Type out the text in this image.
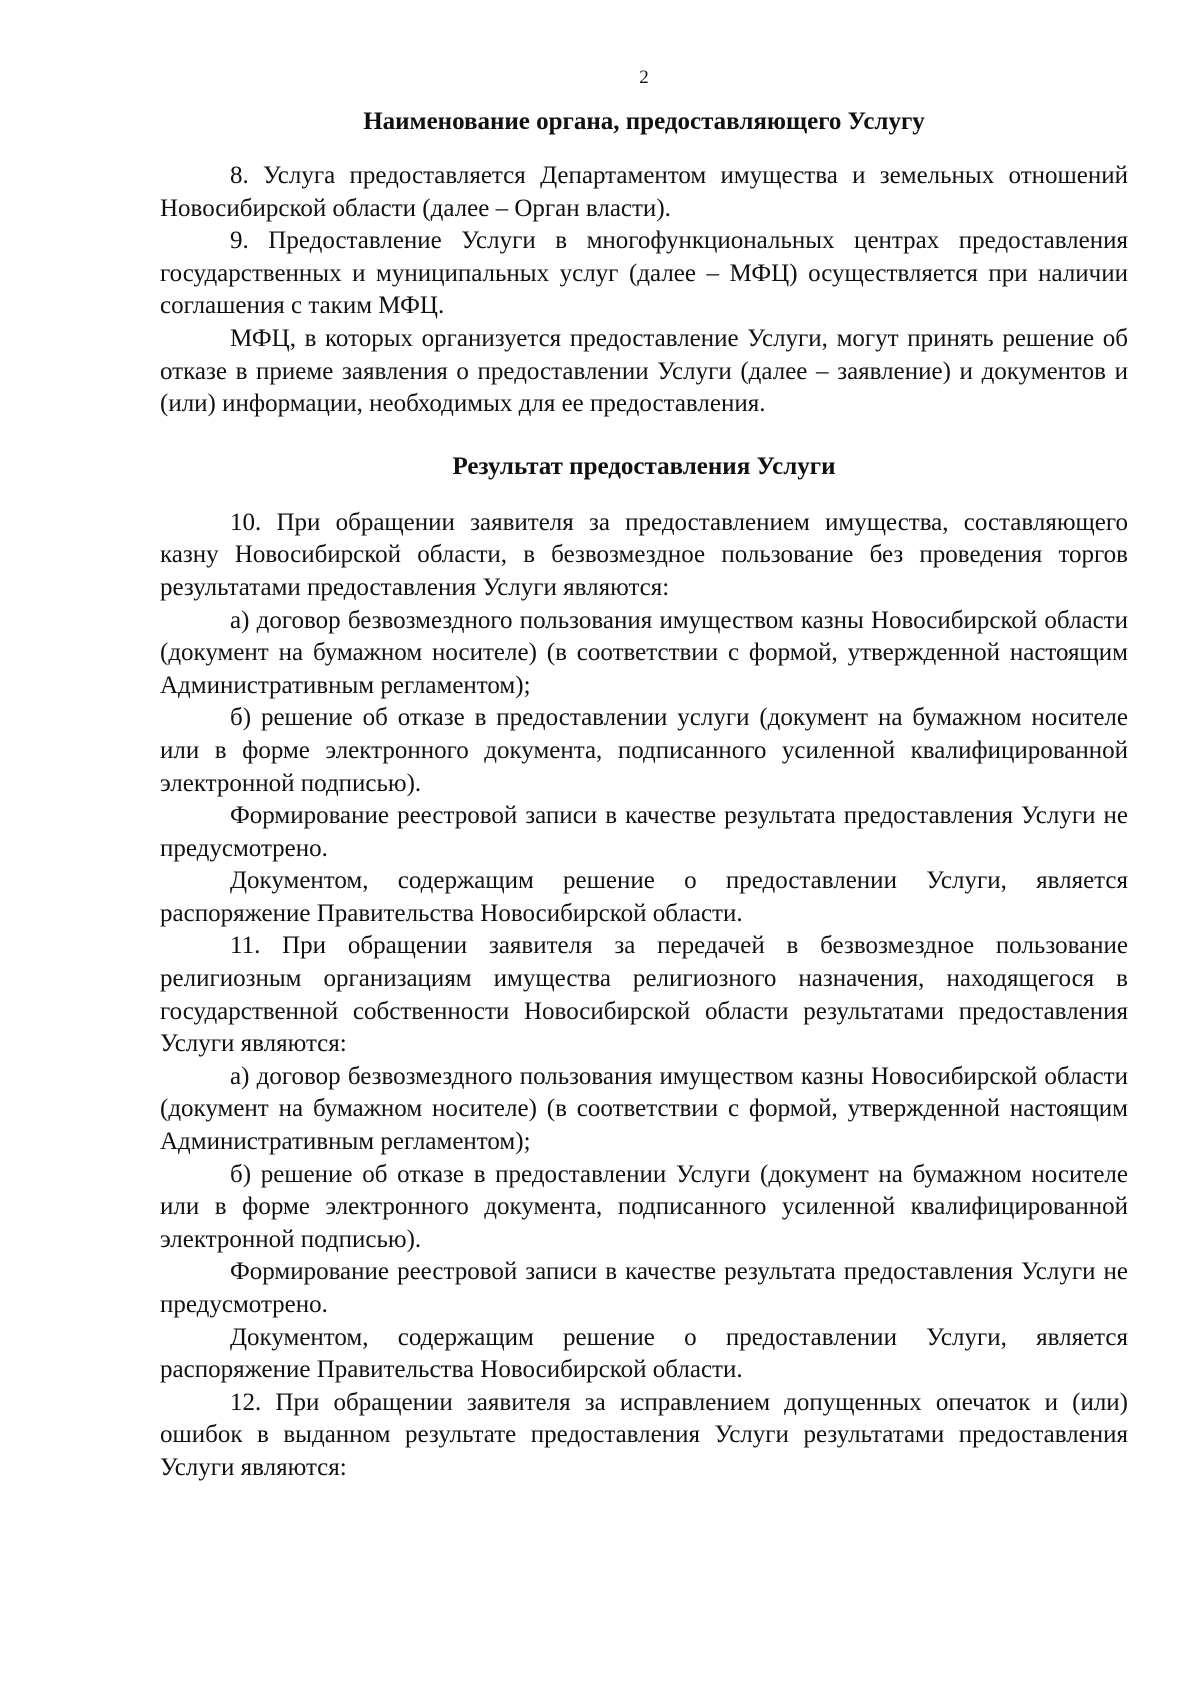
2
Наименование органа, предоставляющего Услугу

8. Услуга предоставляется Департаментом имущества и земельных отношений Новосибирской области (далее – Орган власти).

9. Предоставление Услуги в многофункциональных центрах предоставления государственных и муниципальных услуг (далее – МФЦ) осуществляется при наличии соглашения с таким МФЦ.

МФЦ, в которых организуется предоставление Услуги, могут принять решение об отказе в приеме заявления о предоставлении Услуги (далее – заявление) и документов и (или) информации, необходимых для ее предоставления.

Результат предоставления Услуги

10. При обращении заявителя за предоставлением имущества, составляющего казну Новосибирской области, в безвозмездное пользование без проведения торгов результатами предоставления Услуги являются:

а) договор безвозмездного пользования имуществом казны Новосибирской области (документ на бумажном носителе) (в соответствии с формой, утвержденной настоящим Административным регламентом);

б) решение об отказе в предоставлении услуги (документ на бумажном носителе или в форме электронного документа, подписанного усиленной квалифицированной электронной подписью).

Формирование реестровой записи в качестве результата предоставления Услуги не предусмотрено.

Документом, содержащим решение о предоставлении Услуги, является распоряжение Правительства Новосибирской области.

11. При обращении заявителя за передачей в безвозмездное пользование религиозным организациям имущества религиозного назначения, находящегося в государственной собственности Новосибирской области результатами предоставления Услуги являются:

а) договор безвозмездного пользования имуществом казны Новосибирской области (документ на бумажном носителе) (в соответствии с формой, утвержденной настоящим Административным регламентом);

б) решение об отказе в предоставлении Услуги (документ на бумажном носителе или в форме электронного документа, подписанного усиленной квалифицированной электронной подписью).

Формирование реестровой записи в качестве результата предоставления Услуги не предусмотрено.

Документом, содержащим решение о предоставлении Услуги, является распоряжение Правительства Новосибирской области.

12. При обращении заявителя за исправлением допущенных опечаток и (или) ошибок в выданном результате предоставления Услуги результатами предоставления Услуги являются:
